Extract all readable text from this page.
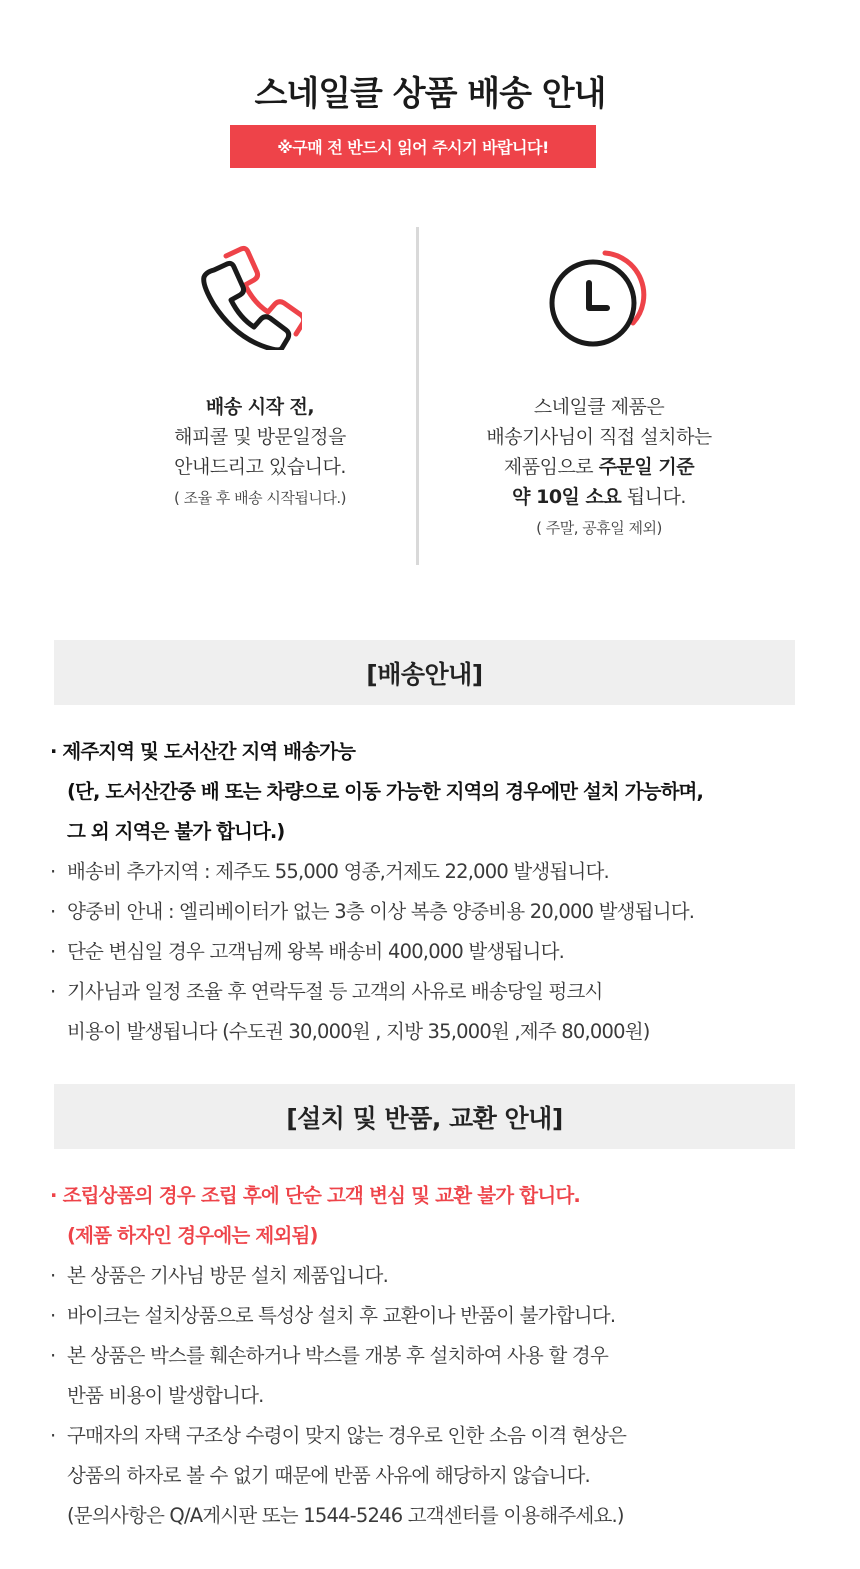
스네일클 상품 배송 안내
※구매 전 반드시 읽어 주시기 바랍니다!
배송 시작 전,
해피콜 및 방문일정을
안내드리고 있습니다.
( 조율 후 배송 시작됩니다.)
스네일클 제품은
배송기사님이 직접 설치하는
제품임으로 주문일 기준
약 10일 소요 됩니다.
( 주말, 공휴일 제외)
[배송안내]
· 제주지역 및 도서산간 지역 배송가능
(단, 도서산간중 배 또는 차량으로 이동 가능한 지역의 경우에만 설치 가능하며,
그 외 지역은 불가 합니다.)
· 배송비 추가지역 : 제주도 55,000 영종,거제도 22,000 발생됩니다.
· 양중비 안내 : 엘리베이터가 없는 3층 이상 복층 양중비용 20,000 발생됩니다.
· 단순 변심일 경우 고객님께 왕복 배송비 400,000 발생됩니다.
· 기사님과 일정 조율 후 연락두절 등 고객의 사유로 배송당일 펑크시
비용이 발생됩니다 (수도권 30,000원 , 지방 35,000원 ,제주 80,000원)
[설치 및 반품, 교환 안내]
· 조립상품의 경우 조립 후에 단순 고객 변심 및 교환 불가 합니다.
(제품 하자인 경우에는 제외됨)
· 본 상품은 기사님 방문 설치 제품입니다.
· 바이크는 설치상품으로 특성상 설치 후 교환이나 반품이 불가합니다.
· 본 상품은 박스를 훼손하거나 박스를 개봉 후 설치하여 사용 할 경우
반품 비용이 발생합니다.
· 구매자의 자택 구조상 수령이 맞지 않는 경우로 인한 소음 이격 현상은
상품의 하자로 볼 수 없기 때문에 반품 사유에 해당하지 않습니다.
(문의사항은 Q/A게시판 또는 1544-5246 고객센터를 이용해주세요.)
